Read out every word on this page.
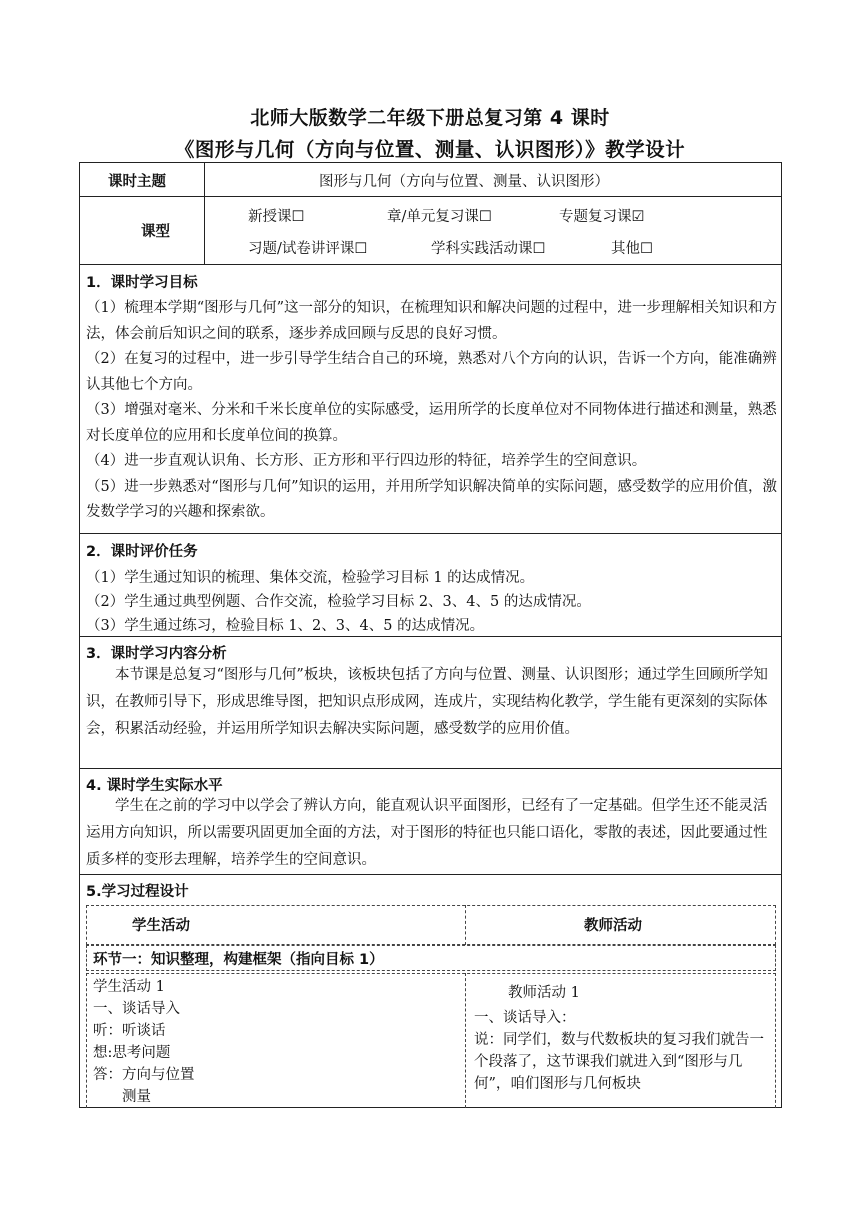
北师大版数学二年级下册总复习第 4 课时
《图形与几何（方向与位置、测量、认识图形）》教学设计
课时主题	图形与几何（方向与位置、测量、认识图形）
课型
新授课☐	章/单元复习课☐	专题复习课☑
习题/试卷讲评课☐	学科实践活动课☐	其他☐
1．课时学习目标

（1）梳理本学期“图形与几何”这一部分的知识，在梳理知识和解决问题的过程中，进一步理解相关知识和方法，体会前后知识之间的联系，逐步养成回顾与反思的良好习惯。

（2）在复习的过程中，进一步引导学生结合自己的环境，熟悉对八个方向的认识，告诉一个方向，能准确辨认其他七个方向。

（3）增强对毫米、分米和千米长度单位的实际感受，运用所学的长度单位对不同物体进行描述和测量，熟悉对长度单位的应用和长度单位间的换算。

（4）进一步直观认识角、长方形、正方形和平行四边形的特征，培养学生的空间意识。

（5）进一步熟悉对“图形与几何”知识的运用，并用所学知识解决简单的实际问题，感受数学的应用价值，激发数学学习的兴趣和探索欲。

2．课时评价任务

（1）学生通过知识的梳理、集体交流，检验学习目标 1 的达成情况。

（2）学生通过典型例题、合作交流，检验学习目标 2、3、4、5 的达成情况。

（3）学生通过练习，检验目标 1、2、3、4、5 的达成情况。

3．课时学习内容分析
本节课是总复习“图形与几何”板块，该板块包括了方向与位置、测量、认识图形；通过学生回顾所学知识，在教师引导下，形成思维导图，把知识点形成网，连成片，实现结构化教学，学生能有更深刻的实际体会，积累活动经验，并运用所学知识去解决实际问题，感受数学的应用价值。
4. 课时学生实际水平
学生在之前的学习中以学会了辨认方向，能直观认识平面图形，已经有了一定基础。但学生还不能灵活运用方向知识，所以需要巩固更加全面的方法，对于图形的特征也只能口语化，零散的表述，因此要通过性质多样的变形去理解，培养学生的空间意识。
5.学习过程设计
学生活动	教师活动
环节一：知识整理，构建框架（指向目标 1）
学生活动 1
一、谈话导入
听：听谈话
想:思考问题
答：方向与位置
　　测量
教师活动 1
一、谈话导入：
说：同学们，数与代数板块的复习我们就告一个段落了，这节课我们就进入到“图形与几何”，咱们图形与几何板块
